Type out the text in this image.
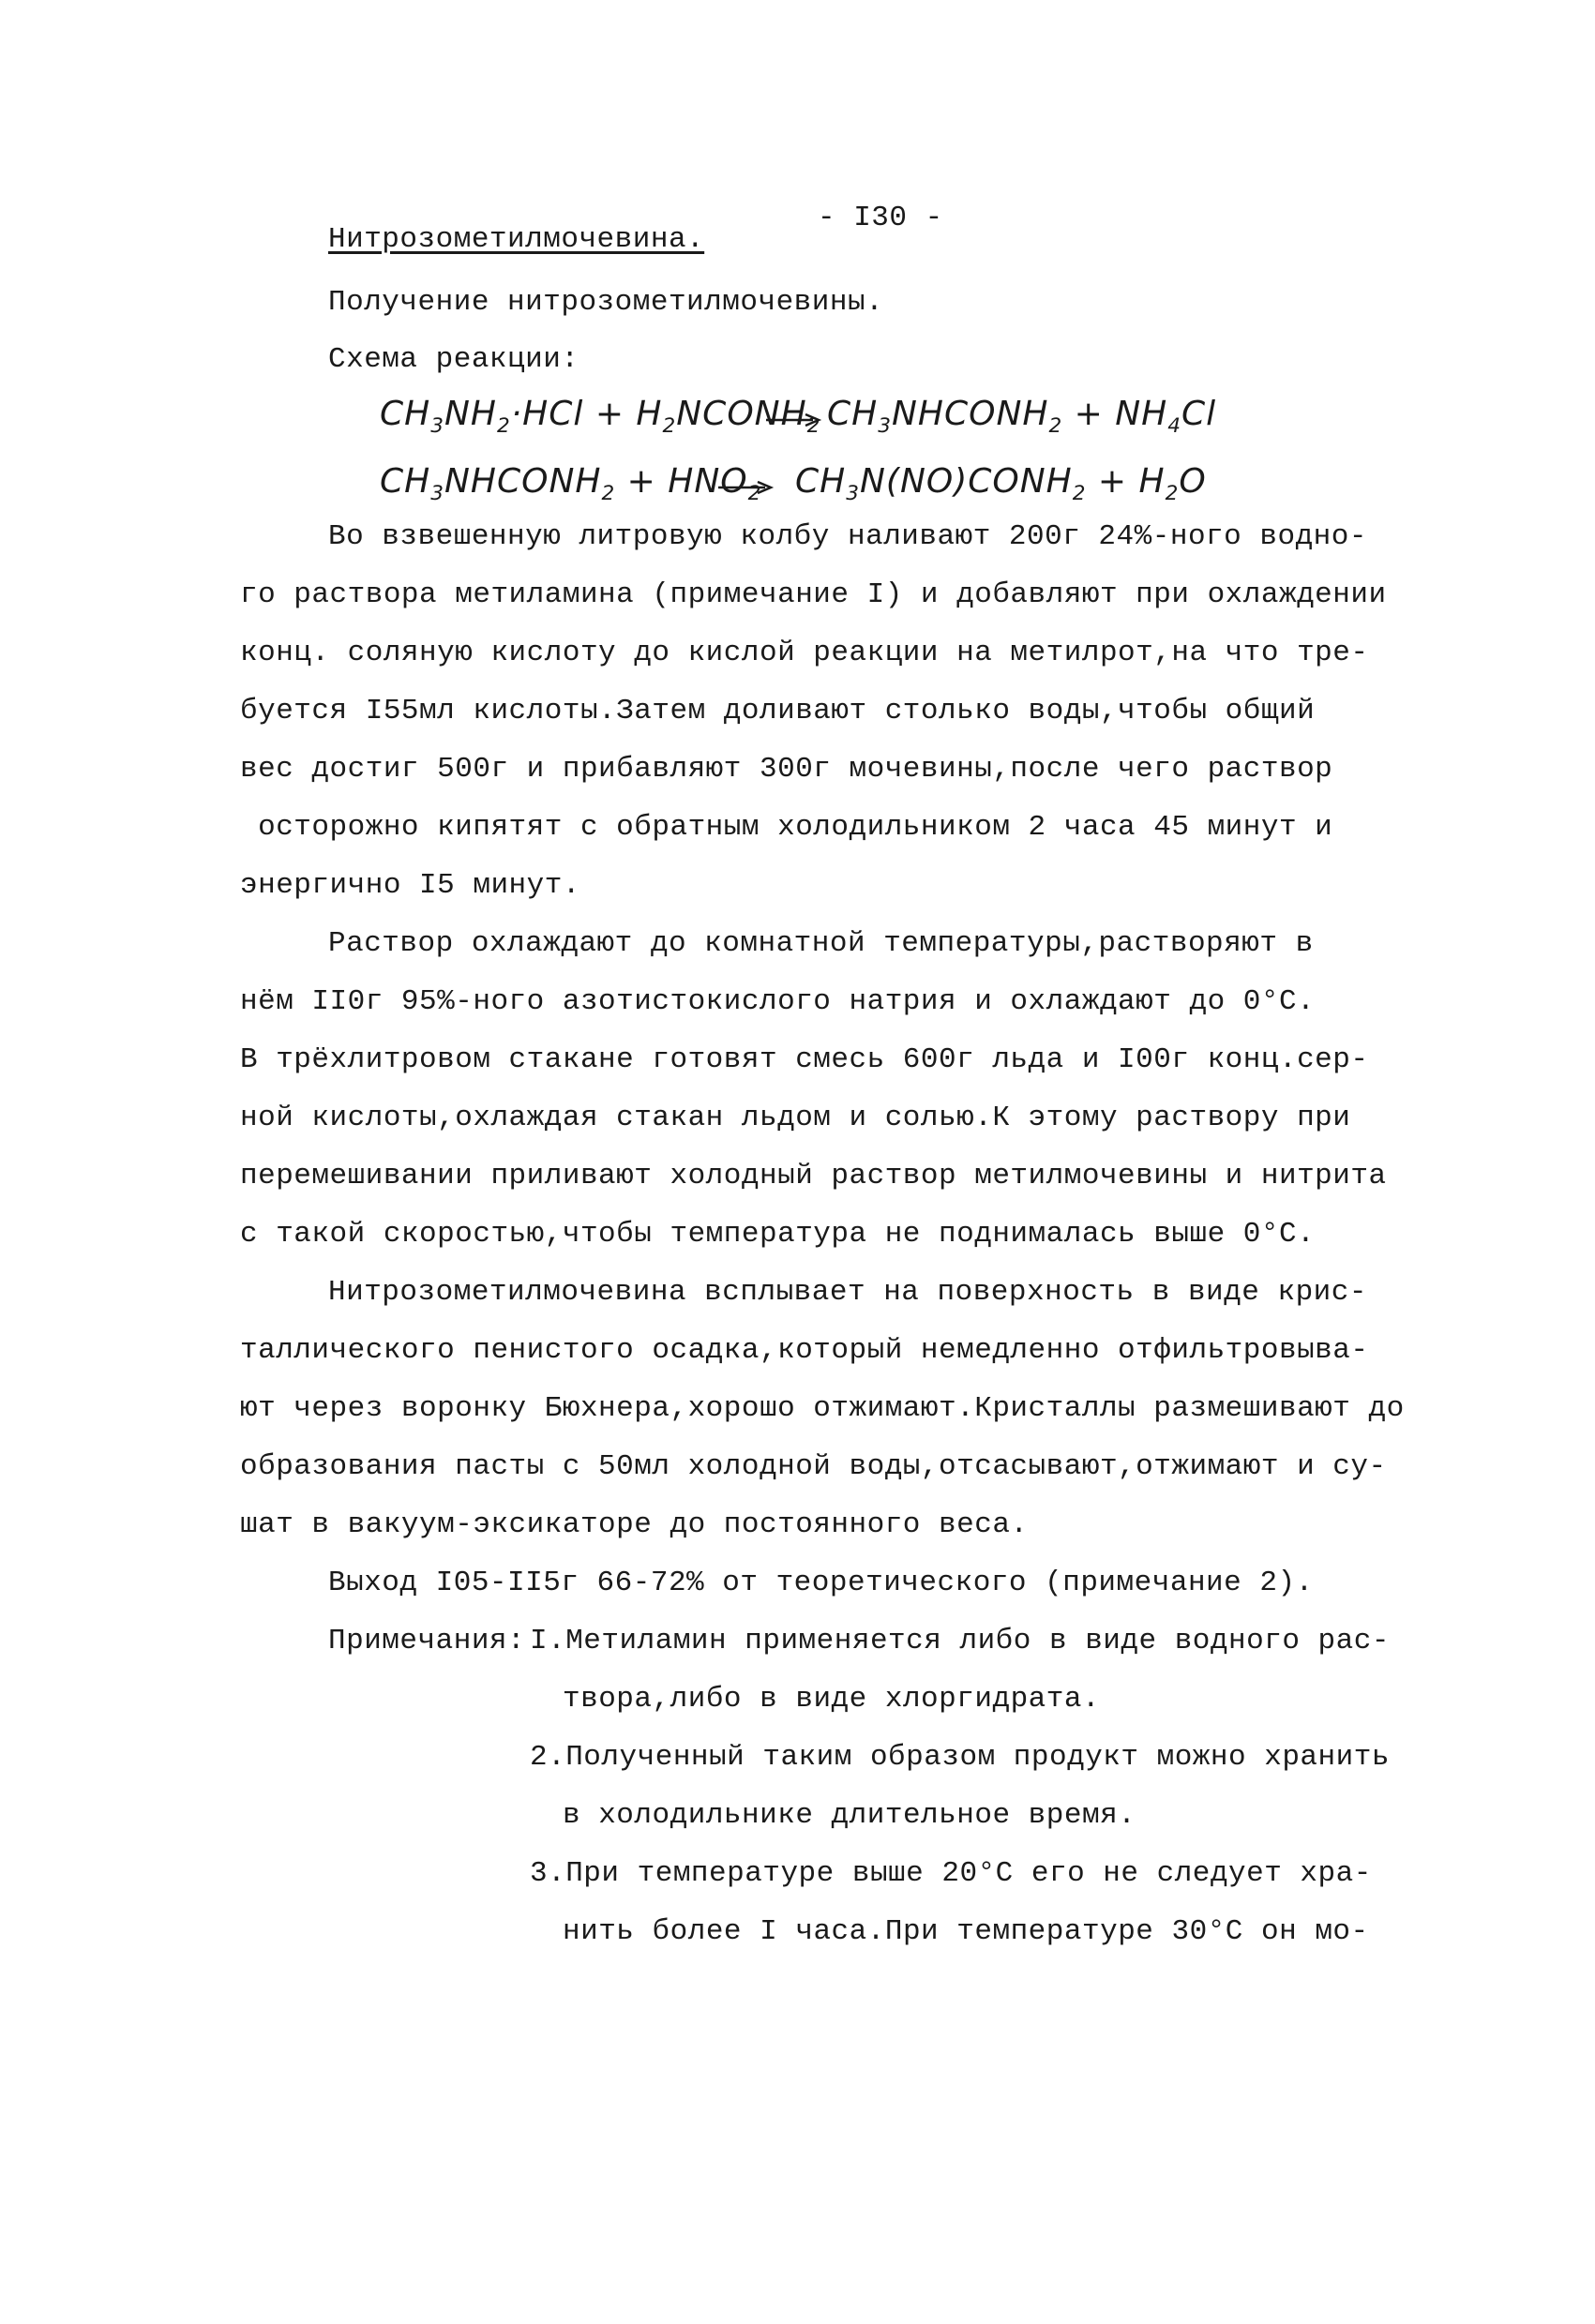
- I30 -
Нитрозометилмочевина.
Получение нитрозометилмочевины.
Схема реакции:
$CH_3NH_2\cdot HCl$ + $H_2NCONH_2$ → $CH_3NHCONH_2 + NH_4Cl$
$CH_3NHCONH_2 + HNO_2$ → $CH_3N(NO)CONH_2 + H_2O$
Во взвешенную литровую колбу наливают 200г 24%-ного водно-
го раствора метиламина (примечание I) и добавляют при охлаждении
конц. соляную кислоту до кислой реакции на метилрот,на что тре-
буется I55мл кислоты.Затем доливают столько воды,чтобы общий
вес достиг 500г и прибавляют 300г мочевины,после чего раствор
осторожно кипятят с обратным холодильником 2 часа 45 минут и
энергично I5 минут.
Раствор охлаждают до комнатной температуры,растворяют в
нём II0г 95%-ного азотистокислого натрия и охлаждают до 0°С.
В трёхлитровом стакане готовят смесь 600г льда и I00г конц.сер-
ной кислоты,охлаждая стакан льдом и солью.К этому раствору при
перемешивании приливают холодный раствор метилмочевины и нитрита
с такой скоростью,чтобы температура не поднималась выше 0°С.
Нитрозометилмочевина всплывает на поверхность в виде крис-
таллического пенистого осадка,который немедленно отфильтровыва-
ют через воронку Бюхнера,хорошо отжимают.Кристаллы размешивают до
образования пасты с 50мл холодной воды,отсасывают,отжимают и су-
шат в вакуум-эксикаторе до постоянного веса.
Выход I05-II5г 66-72% от теоретического (примечание 2).
Примечания: I.Метиламин применяется либо в виде водного рас-
твора,либо в виде хлоргидрата.
2.Полученный таким образом продукт можно хранить
в холодильнике длительное время.
3.При температуре выше 20°С его не следует хра-
нить более I часа.При температуре 30°С он мо-
